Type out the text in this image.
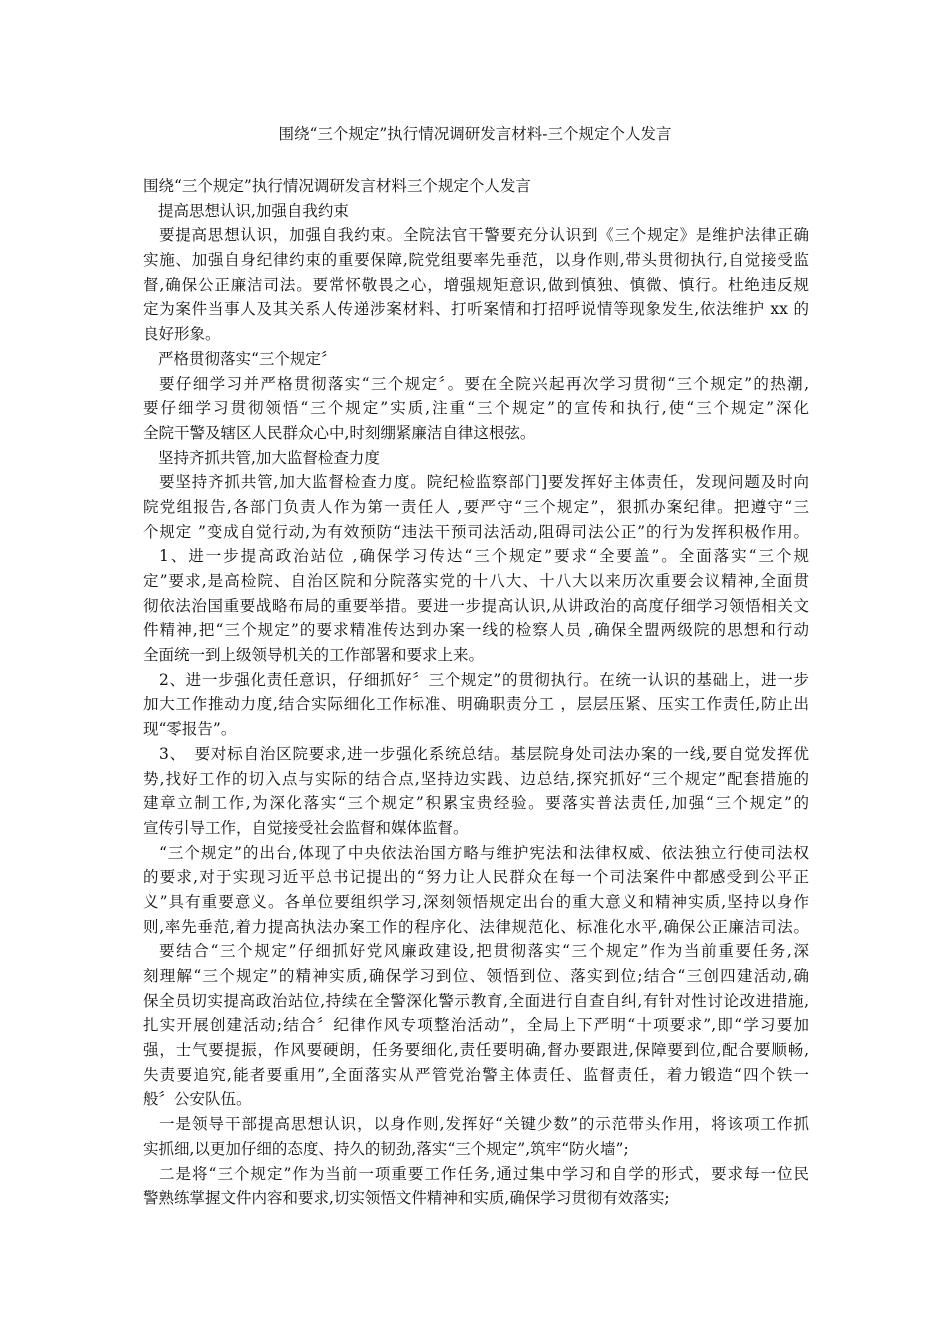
围绕“三个规定”执行情况调研发言材料-三个规定个人发言
围绕“三个规定”执行情况调研发言材料三个规定个人发言
提高思想认识,加强自我约束
要提高思想认识，加强自我约束。全院法官干警要充分认识到《三个规定》是维护法律正确
实施、加强自身纪律约束的重要保障,院党组要率先垂范，以身作则,带头贯彻执行,自觉接受监
督,确保公正廉洁司法。要常怀敬畏之心，增强规矩意识,做到慎独、慎微、慎行。杜绝违反规
定为案件当事人及其关系人传递涉案材料、打听案情和打招呼说情等现象发生,依法维护 xx 的
良好形象。
严格贯彻落实“三个规定〞
要仔细学习并严格贯彻落实“三个规定〞。要在全院兴起再次学习贯彻“三个规定”的热潮,
要仔细学习贯彻领悟“三个规定”实质,注重“三个规定”的宣传和执行,使“三个规定”深化
全院干警及辖区人民群众心中,时刻绷紧廉洁自律这根弦。
坚持齐抓共管,加大监督检查力度
要坚持齐抓共管,加大监督检查力度。院纪检监察部门]要发挥好主体责任，发现问题及时向
院党组报告,各部门负责人作为第一责任人 ,要严守“三个规定”，狠抓办案纪律。把遵守“三
个规定 ”变成自觉行动,为有效预防“违法干预司法活动,阻碍司法公正”的行为发挥积极作用。
1、进一步提高政治站位 ,确保学习传达“三个规定”要求“全要盖”。全面落实“三个规
定”要求,是高检院、自治区院和分院落实党的十八大、十八大以来历次重要会议精神,全面贯
彻依法治国重要战略布局的重要举措。要进一步提高认识,从讲政治的高度仔细学习领悟相关文
件精神,把“三个规定”的要求精准传达到办案一线的检察人员 ,确保全盟两级院的思想和行动
全面统一到上级领导机关的工作部署和要求上来。
2、进一步强化责任意识，仔细抓好〞三个规定”的贯彻执行。在统一认识的基础上，进一步
加大工作推动力度,结合实际细化工作标准、明确职责分工 ，层层压紧、压实工作责任,防止出
现“零报告”。
3、　要对标自治区院要求,进一步强化系统总结。基层院身处司法办案的一线,要自觉发挥优
势,找好工作的切入点与实际的结合点,坚持边实践、边总结,探究抓好“三个规定”配套措施的
建章立制工作,为深化落实“三个规定”积累宝贵经验。要落实普法责任,加强“三个规定”的
宣传引导工作，自觉接受社会监督和媒体监督。
“三个规定”的出台,体现了中央依法治国方略与维护宪法和法律权威、依法独立行使司法权
的要求,对于实现习近平总书记提出的“努力让人民群众在每一个司法案件中都感受到公平正
义”具有重要意义。各单位要组织学习,深刻领悟规定出台的重大意义和精神实质,坚持以身作
则,率先垂范,着力提高执法办案工作的程序化、法律规范化、标准化水平,确保公正廉洁司法。
要结合“三个规定”仔细抓好党风廉政建设,把贯彻落实“三个规定”作为当前重要任务,深
刻理解“三个规定”的精神实质,确保学习到位、领悟到位、落实到位;结合“三创四建活动,确
保全员切实提高政治站位,持续在全警深化警示教育,全面进行自查自纠,有针对性讨论改进措施,
扎实开展创建活动;结合〞纪律作风专项整治活动”，全局上下严明“十项要求”,即“学习要加
强，士气要提振，作风要硬朗，任务要细化,责任要明确,督办要跟进,保障要到位,配合要顺畅,
失责要追究,能者要重用”,全面落实从严管党治警主体责任、监督责任，着力锻造“四个铁一
般〞公安队伍。
一是领导干部提高思想认识，以身作则,发挥好“关键少数”的示范带头作用，将该项工作抓
实抓细,以更加仔细的态度、持久的韧劲,落实“三个规定”,筑牢“防火墙”;
二是将“三个规定”作为当前一项重要工作任务,通过集中学习和自学的形式，要求每一位民
警熟练掌握文件内容和要求,切实领悟文件精神和实质,确保学习贯彻有效落实;
